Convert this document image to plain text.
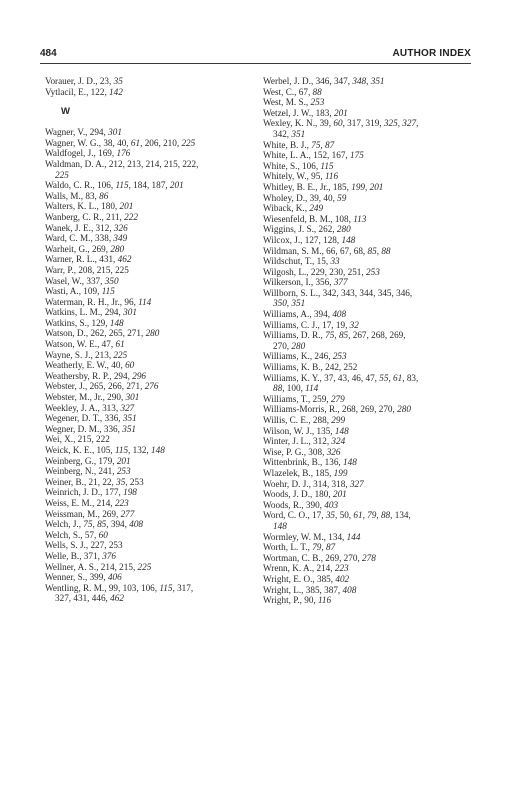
484	AUTHOR INDEX
Vorauer, J. D., 23, 35
Vytlacil, E., 122, 142
W
Wagner, V., 294, 301
Wagner, W. G., 38, 40, 61, 206, 210, 225
Waldfogel, J., 169, 176
Waldman, D. A., 212, 213, 214, 215, 222,
225
Waldo, C. R., 106, 115, 184, 187, 201
Walls, M., 83, 86
Walters, K. L., 180, 201
Wanberg, C. R., 211, 222
Wanek, J. E., 312, 326
Ward, C. M., 338, 349
Warheit, G., 269, 280
Warner, R. L., 431, 462
Warr, P., 208, 215, 225
Wasel, W., 337, 350
Wasti, A., 109, 115
Waterman, R. H., Jr., 96, 114
Watkins, L. M., 294, 301
Watkins, S., 129, 148
Watson, D., 262, 265, 271, 280
Watson, W. E., 47, 61
Wayne, S. J., 213, 225
Weatherly, E. W., 40, 60
Weathersby, R. P., 294, 296
Webster, J., 265, 266, 271, 276
Webster, M., Jr., 290, 301
Weekley, J. A., 313, 327
Wegener, D. T., 336, 351
Wegner, D. M., 336, 351
Wei, X., 215, 222
Weick, K. E., 105, 115, 132, 148
Weinberg, G., 179, 201
Weinberg, N., 241, 253
Weiner, B., 21, 22, 35, 253
Weinrich, J. D., 177, 198
Weiss, E. M., 214, 223
Weissman, M., 269, 277
Welch, J., 75, 85, 394, 408
Welch, S., 57, 60
Wells, S. J., 227, 253
Welle, B., 371, 376
Wellner, A. S., 214, 215, 225
Wenner, S., 399, 406
Wentling, R. M., 99, 103, 106, 115, 317,
327, 431, 446, 462
Werbel, J. D., 346, 347, 348, 351
West, C., 67, 88
West, M. S., 253
Wetzel, J. W., 183, 201
Wexley, K. N., 39, 60, 317, 319, 325, 327,
342, 351
White, B. J., 75, 87
White, L. A., 152, 167, 175
White, S., 106, 115
Whitely, W., 95, 116
Whitley, B. E., Jr., 185, 199, 201
Wholey, D., 39, 40, 59
Wiback, K., 249
Wiesenfeld, B. M., 108, 113
Wiggins, J. S., 262, 280
Wilcox, J., 127, 128, 148
Wildman, S. M., 66, 67, 68, 85, 88
Wildschut, T., 15, 33
Wilgosh, L., 229, 230, 251, 253
Wilkerson, I., 356, 377
Willborn, S. L., 342, 343, 344, 345, 346,
350, 351
Williams, A., 394, 408
Williams, C. J., 17, 19, 32
Williams, D. R., 75, 85, 267, 268, 269,
270, 280
Williams, K., 246, 253
Williams, K. B., 242, 252
Williams, K. Y., 37, 43, 46, 47, 55, 61, 83,
88, 100, 114
Williams, T., 259, 279
Williams-Morris, R., 268, 269, 270, 280
Willis, C. E., 288, 299
Wilson, W. J., 135, 148
Winter, J. L., 312, 324
Wise, P. G., 308, 326
Wittenbrink, B., 136, 148
Wlazelek, B., 185, 199
Woehr, D. J., 314, 318, 327
Woods, J. D., 180, 201
Woods, R., 390, 403
Word, C. O., 17, 35, 50, 61, 79, 88, 134,
148
Wormley, W. M., 134, 144
Worth, L. T., 79, 87
Wortman, C. B., 269, 270, 278
Wrenn, K. A., 214, 223
Wright, E. O., 385, 402
Wright, L., 385, 387, 408
Wright, P., 90, 116
